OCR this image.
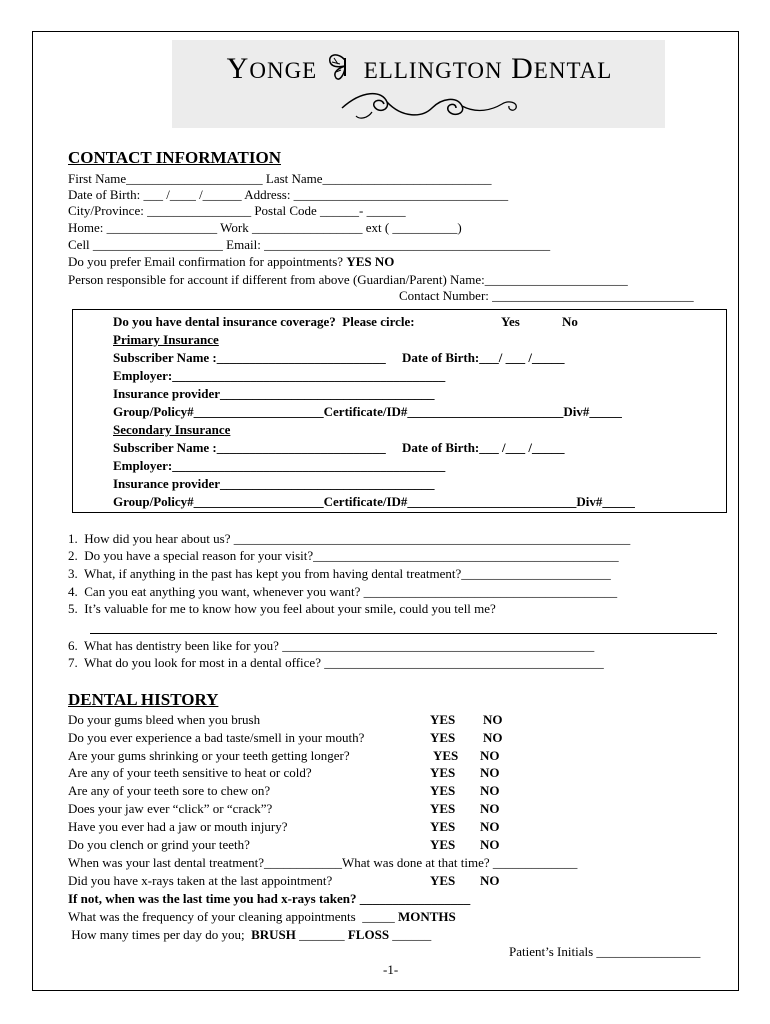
YONGE ELLINGTON DENTAL
CONTACT INFORMATION
First Name_____________________ Last Name__________________________
Date of Birth: ___ /____ /______ Address: _________________________________
City/Province: ________________ Postal Code ______- ______
Home: _________________ Work _________________ ext ( __________)
Cell ____________________ Email: ____________________________________________
Do you prefer Email confirmation for appointments? YES NO
Person responsible for account if different from above (Guardian/Parent) Name:______________________
Contact Number: _______________________________
Do you have dental insurance coverage?  Please circle:	Yes	No
Primary Insurance
Subscriber Name :__________________________     Date of Birth:___/ ___ /_____
Employer:__________________________________________
Insurance provider_________________________________
Group/Policy#____________________Certificate/ID#________________________Div#_____
Secondary Insurance
Subscriber Name :__________________________     Date of Birth:___ /___ /_____
Employer:__________________________________________
Insurance provider_________________________________
Group/Policy#____________________Certificate/ID#__________________________Div#_____
1.  How did you hear about us? _____________________________________________________________
2.  Do you have a special reason for your visit?_______________________________________________
3.  What, if anything in the past has kept you from having dental treatment?_______________________
4.  Can you eat anything you want, whenever you want? _______________________________________
5.  It’s valuable for me to know how you feel about your smile, could you tell me?
6.  What has dentistry been like for you? ________________________________________________
7.  What do you look for most in a dental office? ___________________________________________
DENTAL HISTORY
Do your gums bleed when you brush	YES NO
Do you ever experience a bad taste/smell in your mouth?	YES NO
Are your gums shrinking or your teeth getting longer?	YES NO
Are any of your teeth sensitive to heat or cold?	YES NO
Are any of your teeth sore to chew on?	YES NO
Does your jaw ever “click” or “crack”?	YES NO
Have you ever had a jaw or mouth injury?	YES NO
Do you clench or grind your teeth?	YES NO
When was your last dental treatment?____________What was done at that time? _____________
Did you have x-rays taken at the last appointment?	YES NO
If not, when was the last time you had x-rays taken? _________________
What was the frequency of your cleaning appointments  _____ MONTHS
How many times per day do you;  BRUSH _______ FLOSS ______
Patient’s Initials ________________
-1-
